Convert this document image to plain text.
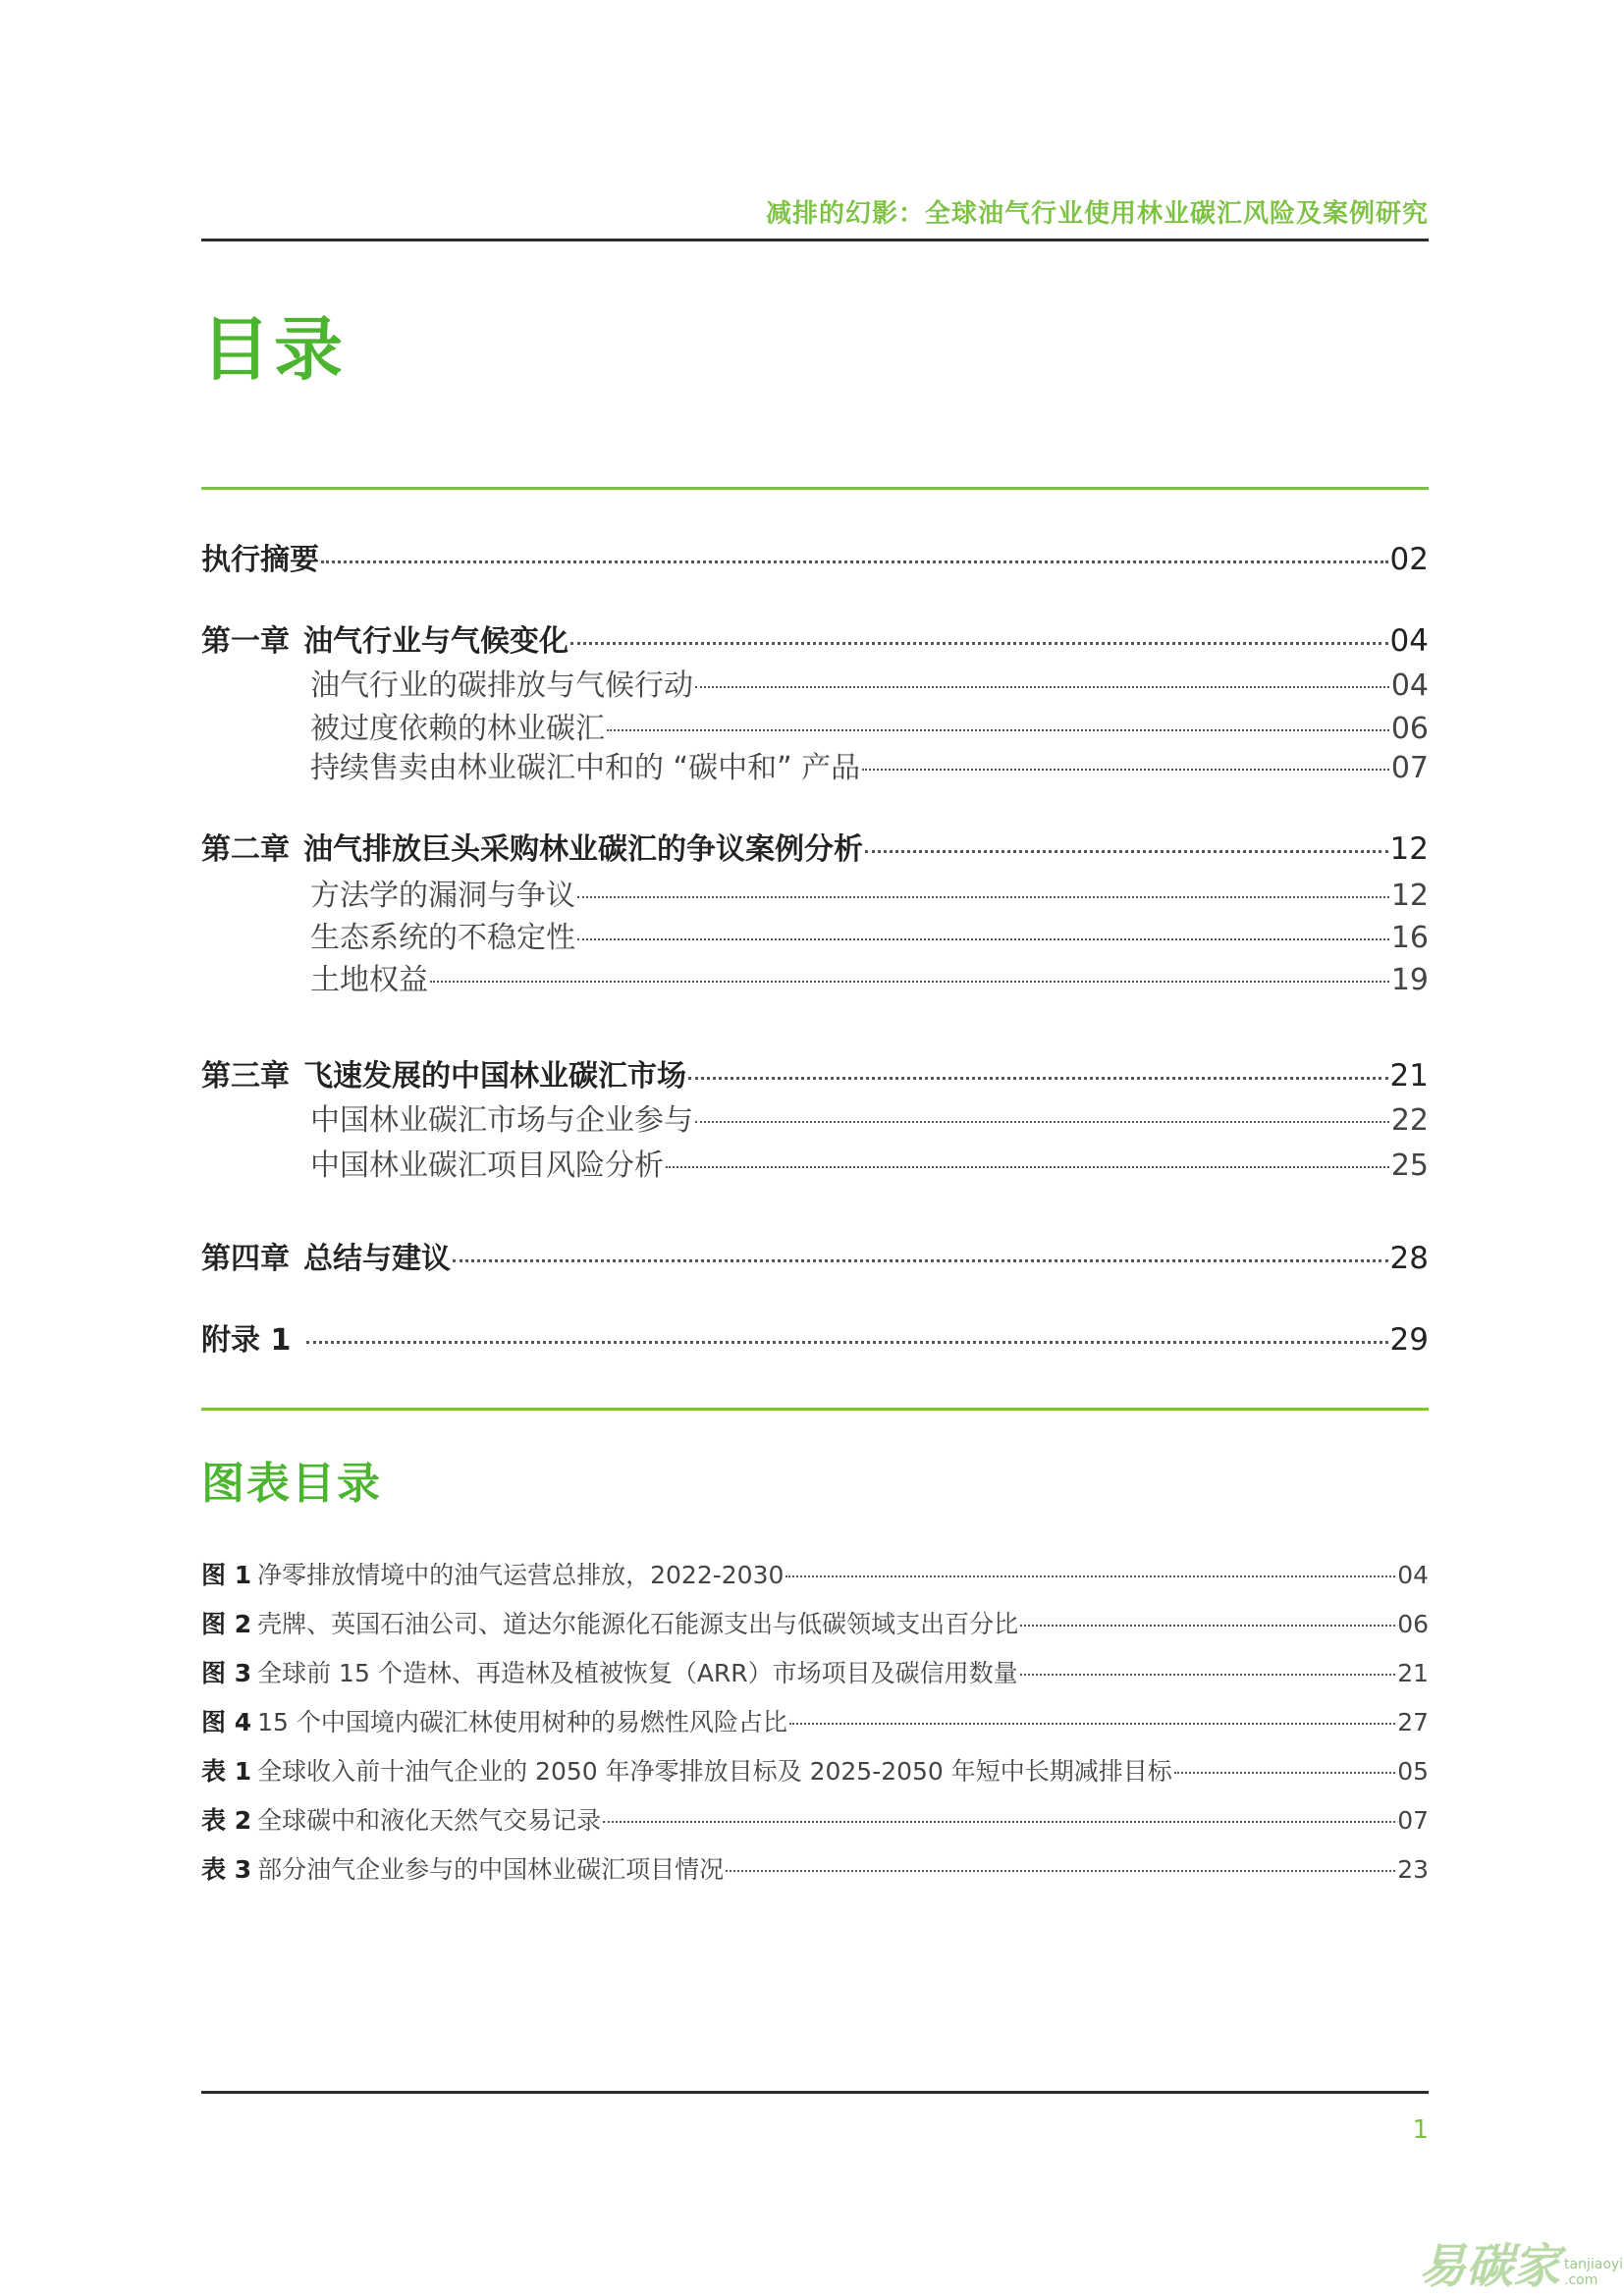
减排的幻影：全球油气行业使用林业碳汇风险及案例研究
目录
执行摘要	02
第一章 油气行业与气候变化	04
油气行业的碳排放与气候行动	04
被过度依赖的林业碳汇	06
持续售卖由林业碳汇中和的 “碳中和” 产品	07
第二章 油气排放巨头采购林业碳汇的争议案例分析	12
方法学的漏洞与争议	12
生态系统的不稳定性	16
土地权益	19
第三章 飞速发展的中国林业碳汇市场	21
中国林业碳汇市场与企业参与	22
中国林业碳汇项目风险分析	25
第四章 总结与建议	28
附录 1	29
图表目录
图 1 净零排放情境中的油气运营总排放，2022-2030	04
图 2 壳牌、英国石油公司、道达尔能源化石能源支出与低碳领域支出百分比	06
图 3 全球前 15 个造林、再造林及植被恢复（ARR）市场项目及碳信用数量	21
图 4 15 个中国境内碳汇林使用树种的易燃性风险占比	27
表 1 全球收入前十油气企业的 2050 年净零排放目标及 2025-2050 年短中长期减排目标	05
表 2 全球碳中和液化天然气交易记录	07
表 3 部分油气企业参与的中国林业碳汇项目情况	23
1
易碳家 tanjiaoyi
.com
